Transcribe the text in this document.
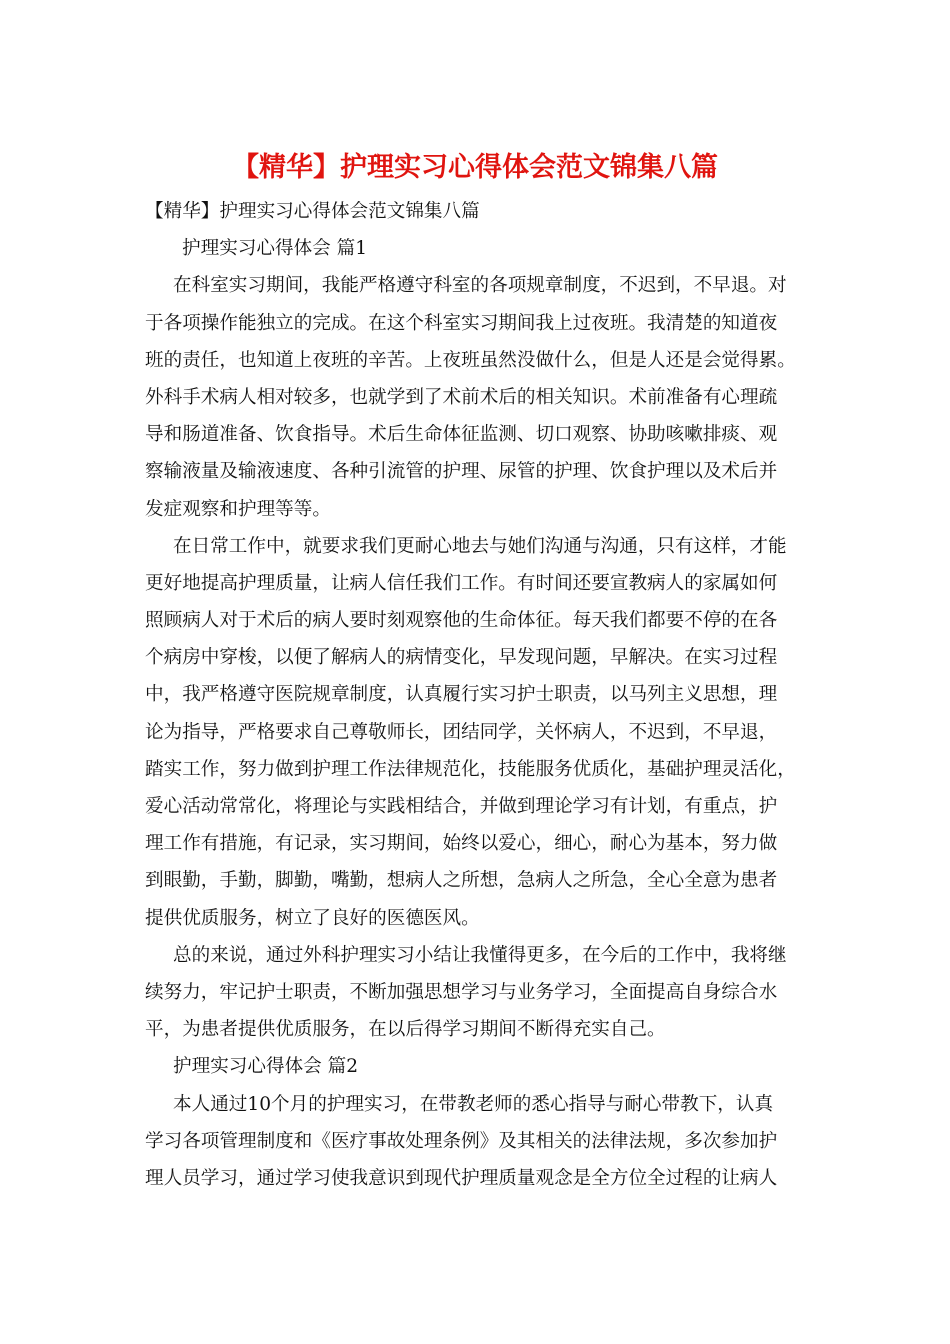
【精华】护理实习心得体会范文锦集八篇
【精华】护理实习心得体会范文锦集八篇
护理实习心得体会 篇1
在科室实习期间，我能严格遵守科室的各项规章制度，不迟到，不早退。对
于各项操作能独立的完成。在这个科室实习期间我上过夜班。我清楚的知道夜
班的责任，也知道上夜班的辛苦。上夜班虽然没做什么，但是人还是会觉得累。
外科手术病人相对较多，也就学到了术前术后的相关知识。术前准备有心理疏
导和肠道准备、饮食指导。术后生命体征监测、切口观察、协助咳嗽排痰、观
察输液量及输液速度、各种引流管的护理、尿管的护理、饮食护理以及术后并
发症观察和护理等等。
在日常工作中，就要求我们更耐心地去与她们沟通与沟通，只有这样，才能
更好地提高护理质量，让病人信任我们工作。有时间还要宣教病人的家属如何
照顾病人对于术后的病人要时刻观察他的生命体征。每天我们都要不停的在各
个病房中穿梭，以便了解病人的病情变化，早发现问题，早解决。在实习过程
中，我严格遵守医院规章制度，认真履行实习护士职责，以马列主义思想，理
论为指导，严格要求自己尊敬师长，团结同学，关怀病人，不迟到，不早退，
踏实工作，努力做到护理工作法律规范化，技能服务优质化，基础护理灵活化，
爱心活动常常化，将理论与实践相结合，并做到理论学习有计划，有重点，护
理工作有措施，有记录，实习期间，始终以爱心，细心，耐心为基本，努力做
到眼勤，手勤，脚勤，嘴勤，想病人之所想，急病人之所急，全心全意为患者
提供优质服务，树立了良好的医德医风。
总的来说，通过外科护理实习小结让我懂得更多，在今后的工作中，我将继
续努力，牢记护士职责，不断加强思想学习与业务学习，全面提高自身综合水
平，为患者提供优质服务，在以后得学习期间不断得充实自己。
护理实习心得体会 篇2
本人通过10个月的护理实习，在带教老师的悉心指导与耐心带教下，认真
学习各项管理制度和《医疗事故处理条例》及其相关的法律法规，多次参加护
理人员学习，通过学习使我意识到现代护理质量观念是全方位全过程的让病人
